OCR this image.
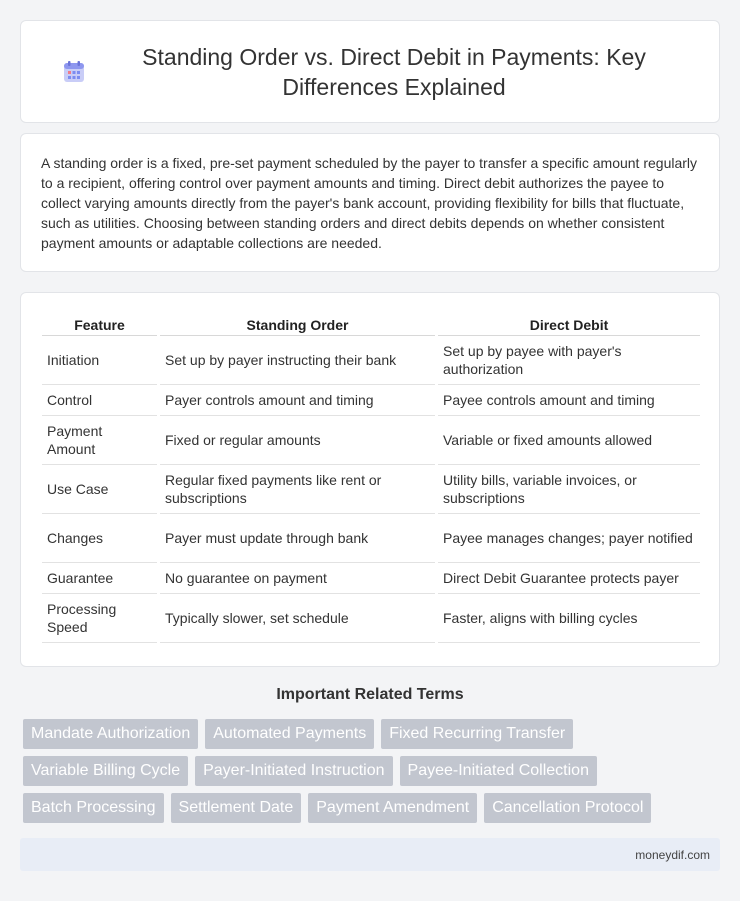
Standing Order vs. Direct Debit in Payments: Key Differences Explained

A standing order is a fixed, pre-set payment scheduled by the payer to transfer a specific amount regularly to a recipient, offering control over payment amounts and timing. Direct debit authorizes the payee to collect varying amounts directly from the payer's bank account, providing flexibility for bills that fluctuate, such as utilities. Choosing between standing orders and direct debits depends on whether consistent payment amounts or adaptable collections are needed.

Feature	Standing Order	Direct Debit
Initiation	Set up by payer instructing their bank	Set up by payee with payer's authorization
Control	Payer controls amount and timing	Payee controls amount and timing
Payment Amount	Fixed or regular amounts	Variable or fixed amounts allowed
Use Case	Regular fixed payments like rent or subscriptions	Utility bills, variable invoices, or subscriptions
Changes	Payer must update through bank	Payee manages changes; payer notified
Guarantee	No guarantee on payment	Direct Debit Guarantee protects payer
Processing Speed	Typically slower, set schedule	Faster, aligns with billing cycles
Important Related Terms
Mandate Authorization	Automated Payments	Fixed Recurring Transfer
Variable Billing Cycle	Payer-Initiated Instruction	Payee-Initiated Collection
Batch Processing	Settlement Date	Payment Amendment	Cancellation Protocol
moneydif.com
